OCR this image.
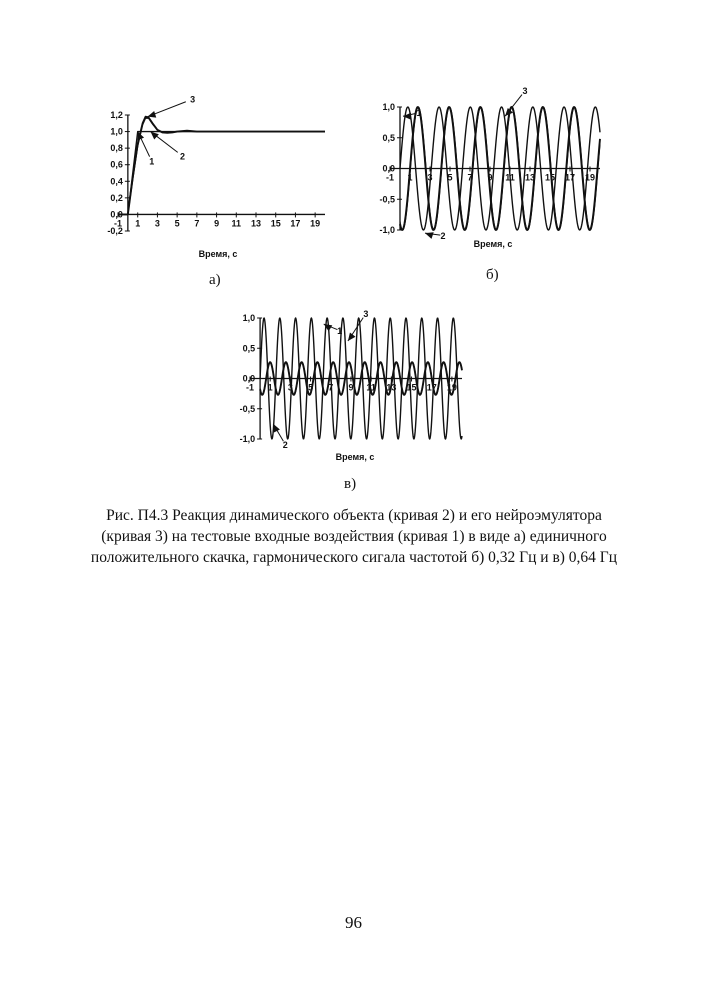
-1 1 3 5 7 9 11 13 15 17 19
-0,2
0,0
0,2
0,4
0,6
0,8
1,0
1,2
1	2
3
Время, с
а)
-1 1 3 5 7 9 11 13 15 17 19
-1,0
-0,5
0,0
0,5
1,0
1
2
3
Время, с
б)
-1 1 3 5 7 9 11 13 15 17 19
-1,0
-0,5
0,0
0,5
1,0
1
2
3
Время, с
в)

Рис. П4.3 Реакция динамического объекта (кривая 2) и его нейроэмулятора (кривая 3) на тестовые входные воздействия (кривая 1) в виде а) единичного положительного скачка, гармонического сигала частотой б) 0,32 Гц и в) 0,64 Гц

96
